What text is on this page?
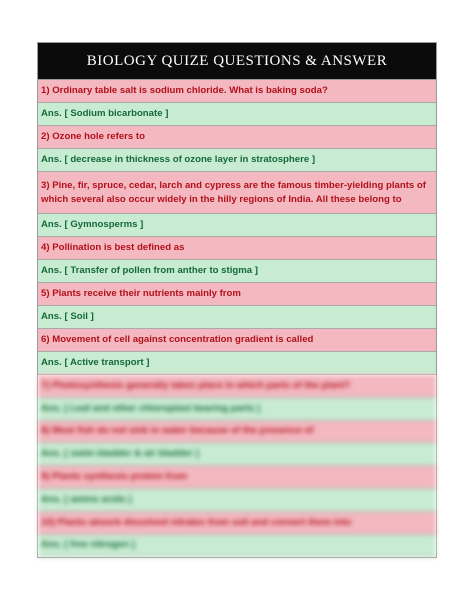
BIOLOGY QUIZE QUESTIONS & ANSWER
1) Ordinary table salt is sodium chloride. What is baking soda?
Ans. [ Sodium bicarbonate ]
2) Ozone hole refers to
Ans. [ decrease in thickness of ozone layer in stratosphere ]
3) Pine, fir, spruce, cedar, larch and cypress are the famous timber-yielding plants of which several also occur widely in the hilly regions of India. All these belong to
Ans. [ Gymnosperms ]
4) Pollination is best defined as
Ans. [ Transfer of pollen from anther to stigma ]
5) Plants receive their nutrients mainly from
Ans. [ Soil ]
6) Movement of cell against concentration gradient is called
Ans. [ Active transport ]
7) Photosynthesis generally takes place in which parts of the plant?
Ans. [ Leaf and other chloroplast bearing parts ]
8) Most fish do not sink in water because of the presence of
Ans. [ swim bladder & air bladder ]
9) Plants synthesis protein from
Ans. [ amino acids ]
10) Plants absorb dissolved nitrates from soil and convert them into
Ans. [ free nitrogen ]
